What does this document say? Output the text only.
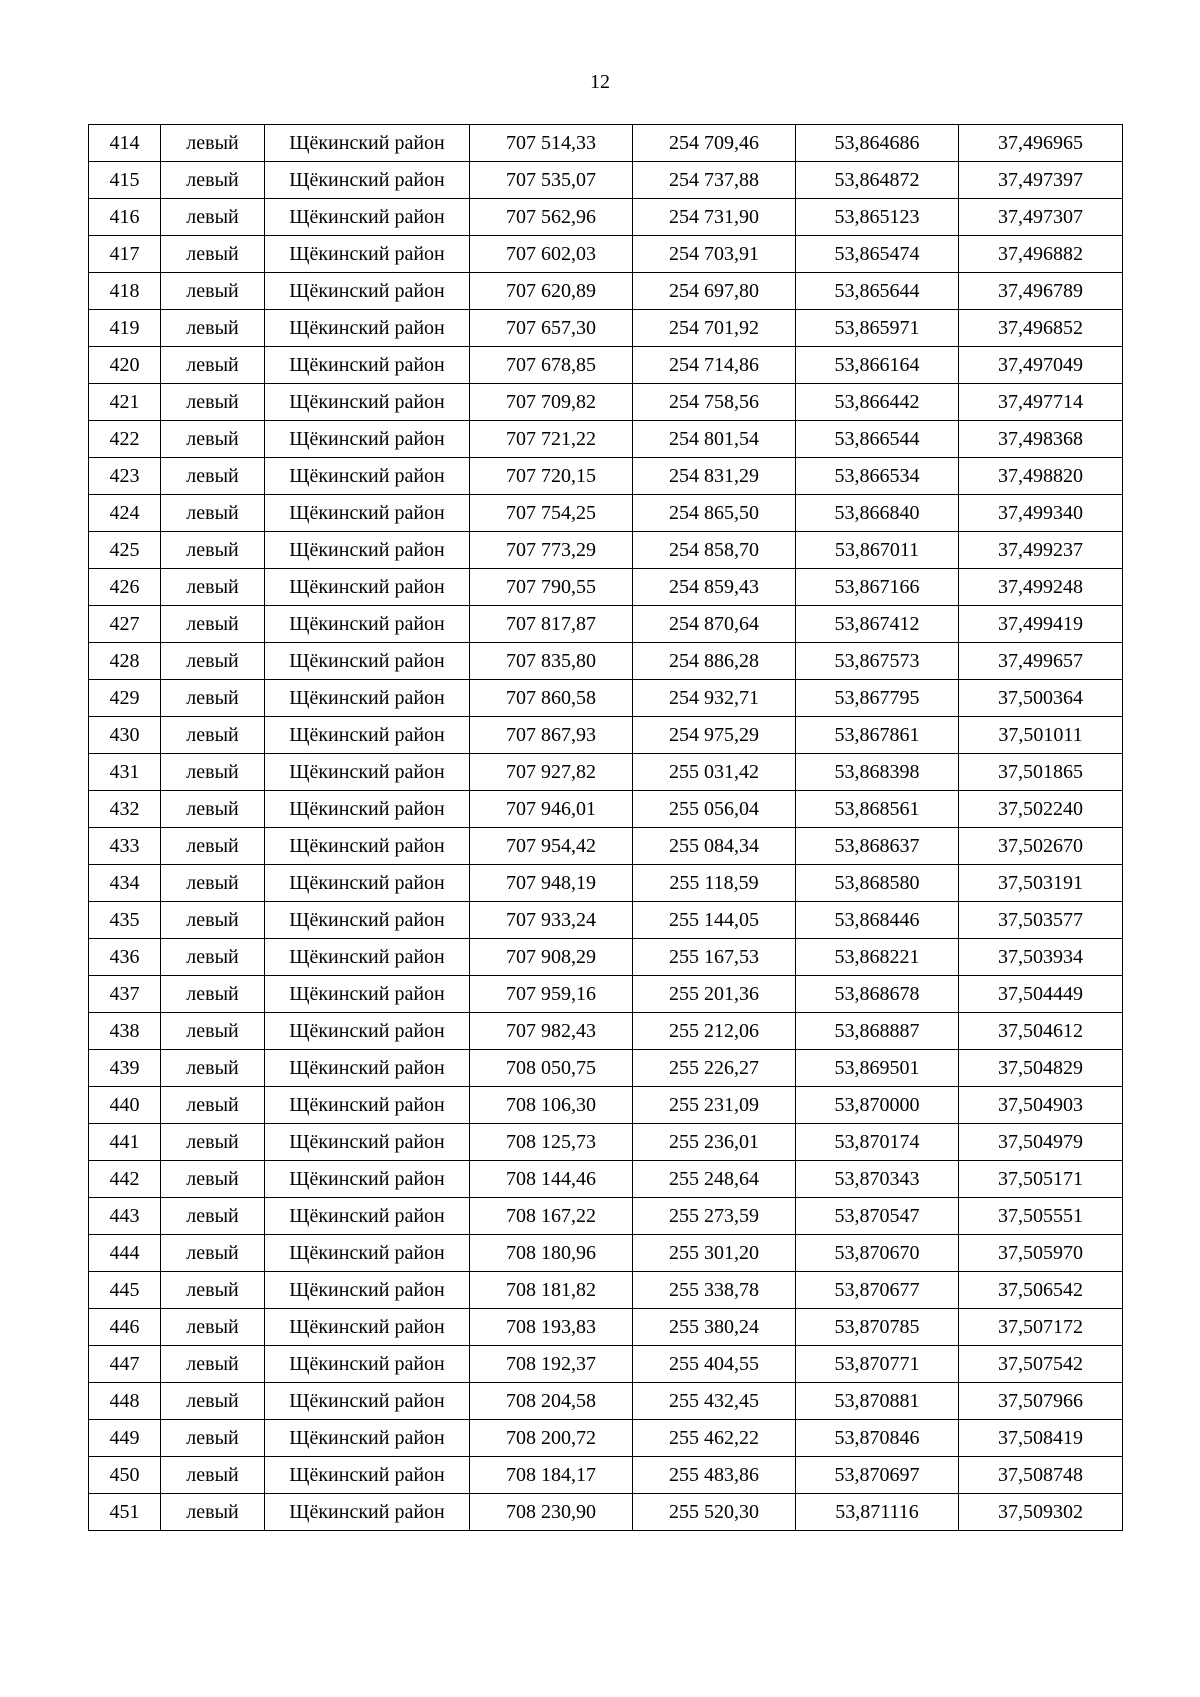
12
414	левый	Щёкинский район	707 514,33	254 709,46	53,864686	37,496965
415	левый	Щёкинский район	707 535,07	254 737,88	53,864872	37,497397
416	левый	Щёкинский район	707 562,96	254 731,90	53,865123	37,497307
417	левый	Щёкинский район	707 602,03	254 703,91	53,865474	37,496882
418	левый	Щёкинский район	707 620,89	254 697,80	53,865644	37,496789
419	левый	Щёкинский район	707 657,30	254 701,92	53,865971	37,496852
420	левый	Щёкинский район	707 678,85	254 714,86	53,866164	37,497049
421	левый	Щёкинский район	707 709,82	254 758,56	53,866442	37,497714
422	левый	Щёкинский район	707 721,22	254 801,54	53,866544	37,498368
423	левый	Щёкинский район	707 720,15	254 831,29	53,866534	37,498820
424	левый	Щёкинский район	707 754,25	254 865,50	53,866840	37,499340
425	левый	Щёкинский район	707 773,29	254 858,70	53,867011	37,499237
426	левый	Щёкинский район	707 790,55	254 859,43	53,867166	37,499248
427	левый	Щёкинский район	707 817,87	254 870,64	53,867412	37,499419
428	левый	Щёкинский район	707 835,80	254 886,28	53,867573	37,499657
429	левый	Щёкинский район	707 860,58	254 932,71	53,867795	37,500364
430	левый	Щёкинский район	707 867,93	254 975,29	53,867861	37,501011
431	левый	Щёкинский район	707 927,82	255 031,42	53,868398	37,501865
432	левый	Щёкинский район	707 946,01	255 056,04	53,868561	37,502240
433	левый	Щёкинский район	707 954,42	255 084,34	53,868637	37,502670
434	левый	Щёкинский район	707 948,19	255 118,59	53,868580	37,503191
435	левый	Щёкинский район	707 933,24	255 144,05	53,868446	37,503577
436	левый	Щёкинский район	707 908,29	255 167,53	53,868221	37,503934
437	левый	Щёкинский район	707 959,16	255 201,36	53,868678	37,504449
438	левый	Щёкинский район	707 982,43	255 212,06	53,868887	37,504612
439	левый	Щёкинский район	708 050,75	255 226,27	53,869501	37,504829
440	левый	Щёкинский район	708 106,30	255 231,09	53,870000	37,504903
441	левый	Щёкинский район	708 125,73	255 236,01	53,870174	37,504979
442	левый	Щёкинский район	708 144,46	255 248,64	53,870343	37,505171
443	левый	Щёкинский район	708 167,22	255 273,59	53,870547	37,505551
444	левый	Щёкинский район	708 180,96	255 301,20	53,870670	37,505970
445	левый	Щёкинский район	708 181,82	255 338,78	53,870677	37,506542
446	левый	Щёкинский район	708 193,83	255 380,24	53,870785	37,507172
447	левый	Щёкинский район	708 192,37	255 404,55	53,870771	37,507542
448	левый	Щёкинский район	708 204,58	255 432,45	53,870881	37,507966
449	левый	Щёкинский район	708 200,72	255 462,22	53,870846	37,508419
450	левый	Щёкинский район	708 184,17	255 483,86	53,870697	37,508748
451	левый	Щёкинский район	708 230,90	255 520,30	53,871116	37,509302
